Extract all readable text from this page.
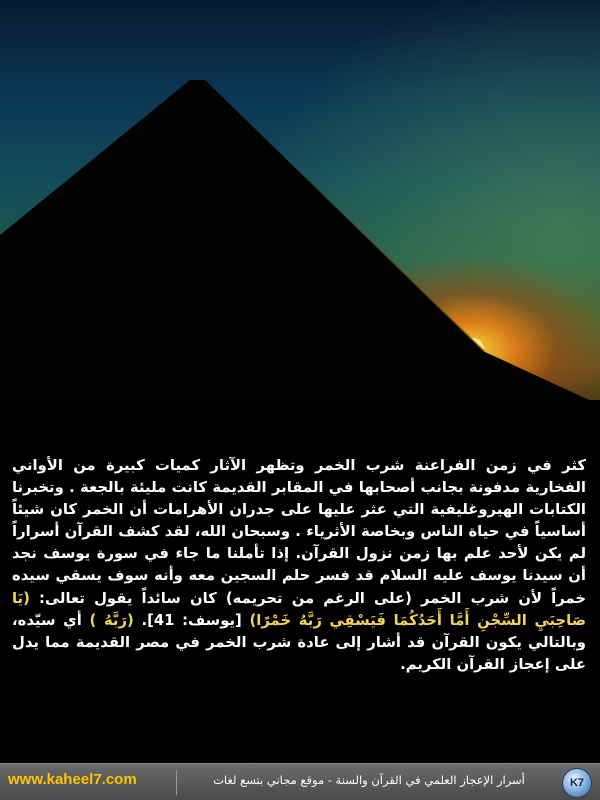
كثر في زمن الفراعنة شرب الخمر وتظهر الآثار كميات كبيرة من الأواني الفخارية مدفونة بجانب أصحابها في المقابر القديمة كانت مليئة بالجعة . وتخبرنا الكتابات الهيروغليفية التي عثر عليها على جدران الأهرامات أن الخمر كان شيئاً أساسياً في حياة الناس وبخاصة الأثرياء . وسبحان الله، لقد كشف القرآن أسراراً لم يكن لأحد علم بها زمن نزول القرآن. إذا تأملنا ما جاء في سورة يوسف نجد أن سيدنا يوسف عليه السلام قد فسر حلم السجين معه وأنه سوف يسقي سيده خمراً لأن شرب الخمر (على الرغم من تحريمه) كان سائداً يقول تعالى: (يَا صَاحِبَيِ السِّجْنِ أَمَّا أَحَدُكُمَا فَيَسْقِي رَبَّهُ خَمْرًا) [يوسف: 41]. (رَبَّهُ ) أي سيّده، وبالتالي يكون القرآن قد أشار إلى عادة شرب الخمر في مصر القديمة مما يدل على إعجاز القرآن الكريم.

www.kaheel7.com	أسرار الإعجاز العلمي في القرآن والسنة - موقع مجاني بتسع لغات	K7
